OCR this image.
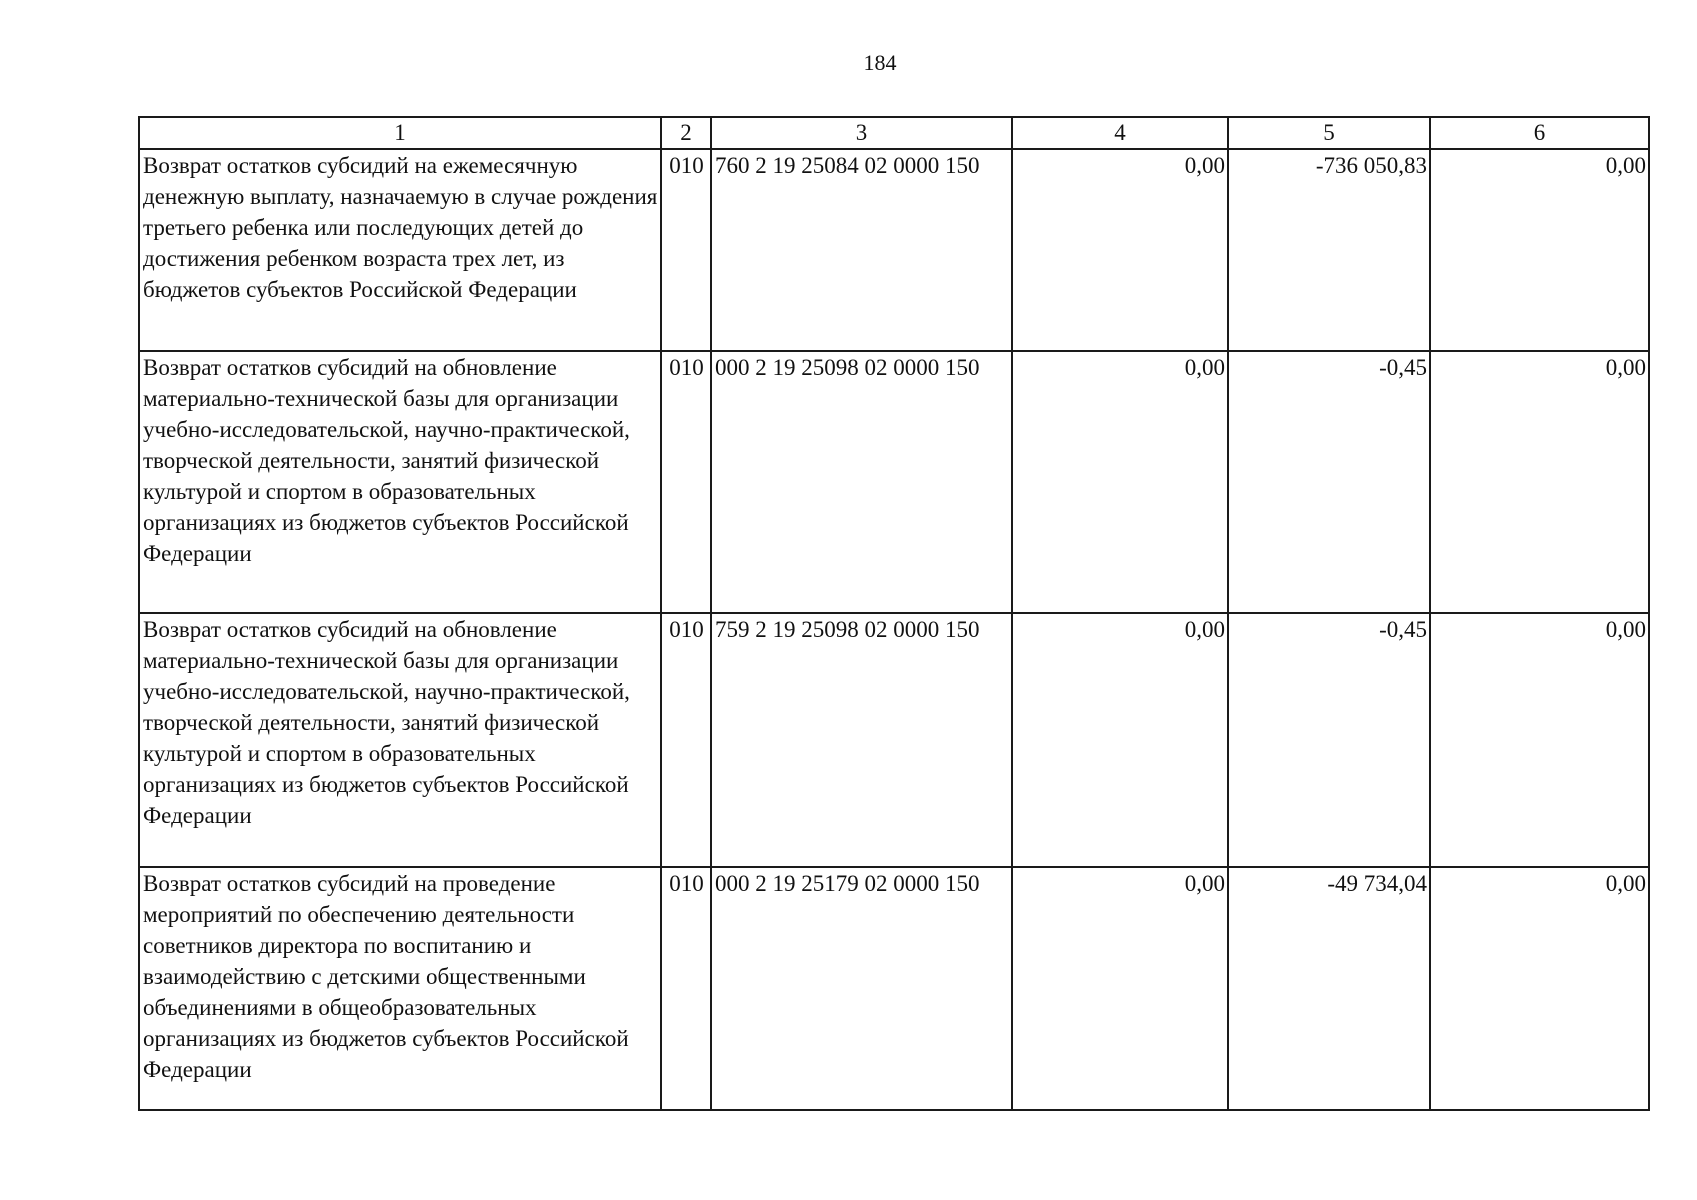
184
1	2	3	4	5	6
Возврат остатков субсидий на ежемесячную денежную выплату, назначаемую в случае рождения третьего ребенка или последующих детей до достижения ребенком возраста трех лет, из бюджетов субъектов Российской Федерации	010	760 2 19 25084 02 0000 150	0,00	-736 050,83	0,00
Возврат остатков субсидий на обновление материально-технической базы для организации учебно-исследовательской, научно-практической, творческой деятельности, занятий физической культурой и спортом в образовательных организациях из бюджетов субъектов Российской Федерации	010	000 2 19 25098 02 0000 150	0,00	-0,45	0,00
Возврат остатков субсидий на обновление материально-технической базы для организации учебно-исследовательской, научно-практической, творческой деятельности, занятий физической культурой и спортом в образовательных организациях из бюджетов субъектов Российской Федерации	010	759 2 19 25098 02 0000 150	0,00	-0,45	0,00
Возврат остатков субсидий на проведение мероприятий по обеспечению деятельности советников директора по воспитанию и взаимодействию с детскими общественными объединениями в общеобразовательных организациях из бюджетов субъектов Российской Федерации	010	000 2 19 25179 02 0000 150	0,00	-49 734,04	0,00
